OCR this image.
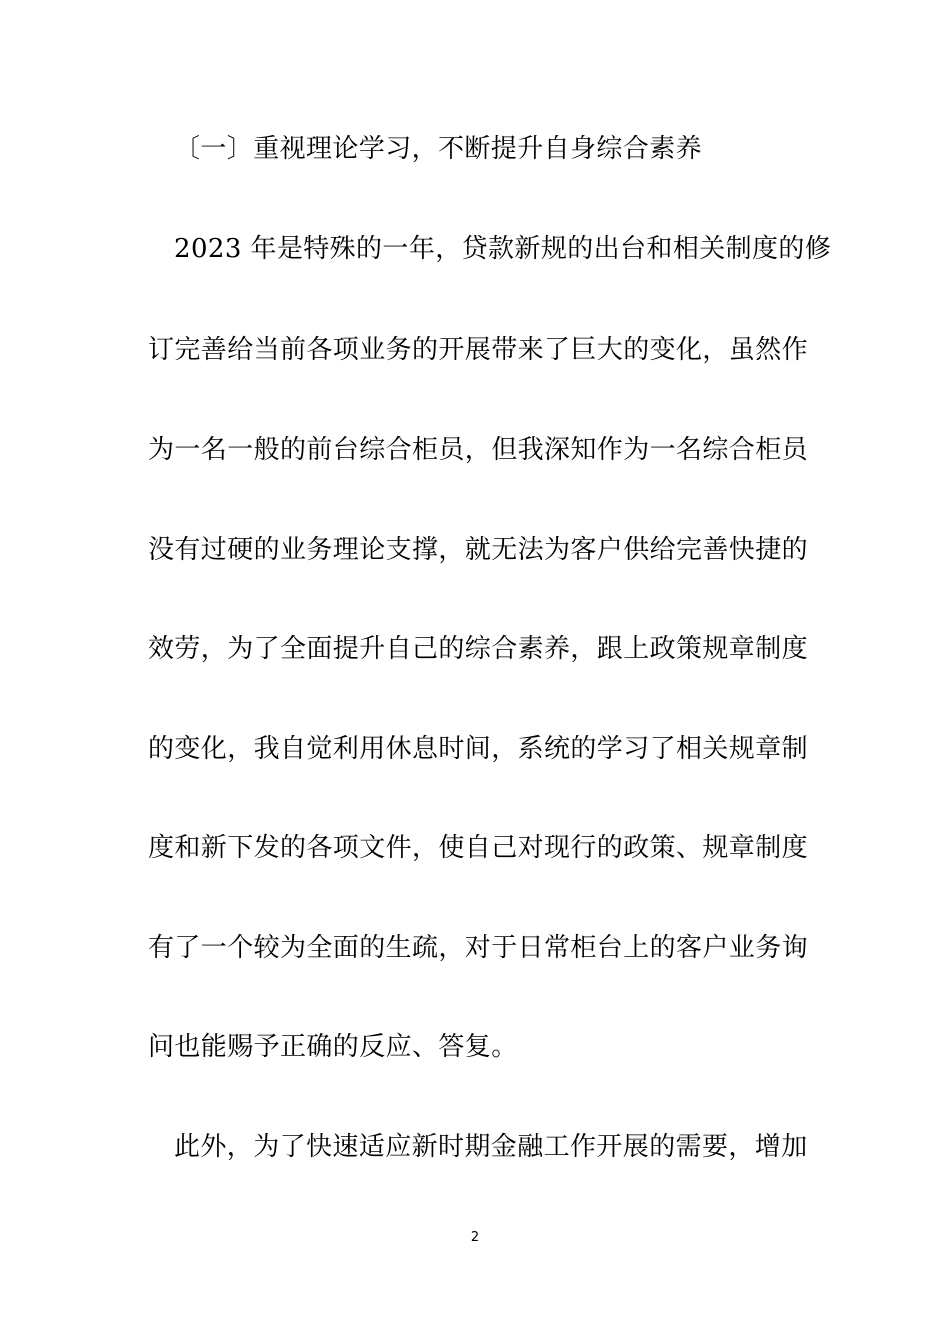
〔一〕重视理论学习，不断提升自身综合素养
2023 年是特殊的一年，贷款新规的出台和相关制度的修
订完善给当前各项业务的开展带来了巨大的变化，虽然作
为一名一般的前台综合柜员，但我深知作为一名综合柜员
没有过硬的业务理论支撑，就无法为客户供给完善快捷的
效劳，为了全面提升自己的综合素养，跟上政策规章制度
的变化，我自觉利用休息时间，系统的学习了相关规章制
度和新下发的各项文件，使自己对现行的政策、规章制度
有了一个较为全面的生疏，对于日常柜台上的客户业务询
问也能赐予正确的反应、答复。
此外，为了快速适应新时期金融工作开展的需要，增加
2
